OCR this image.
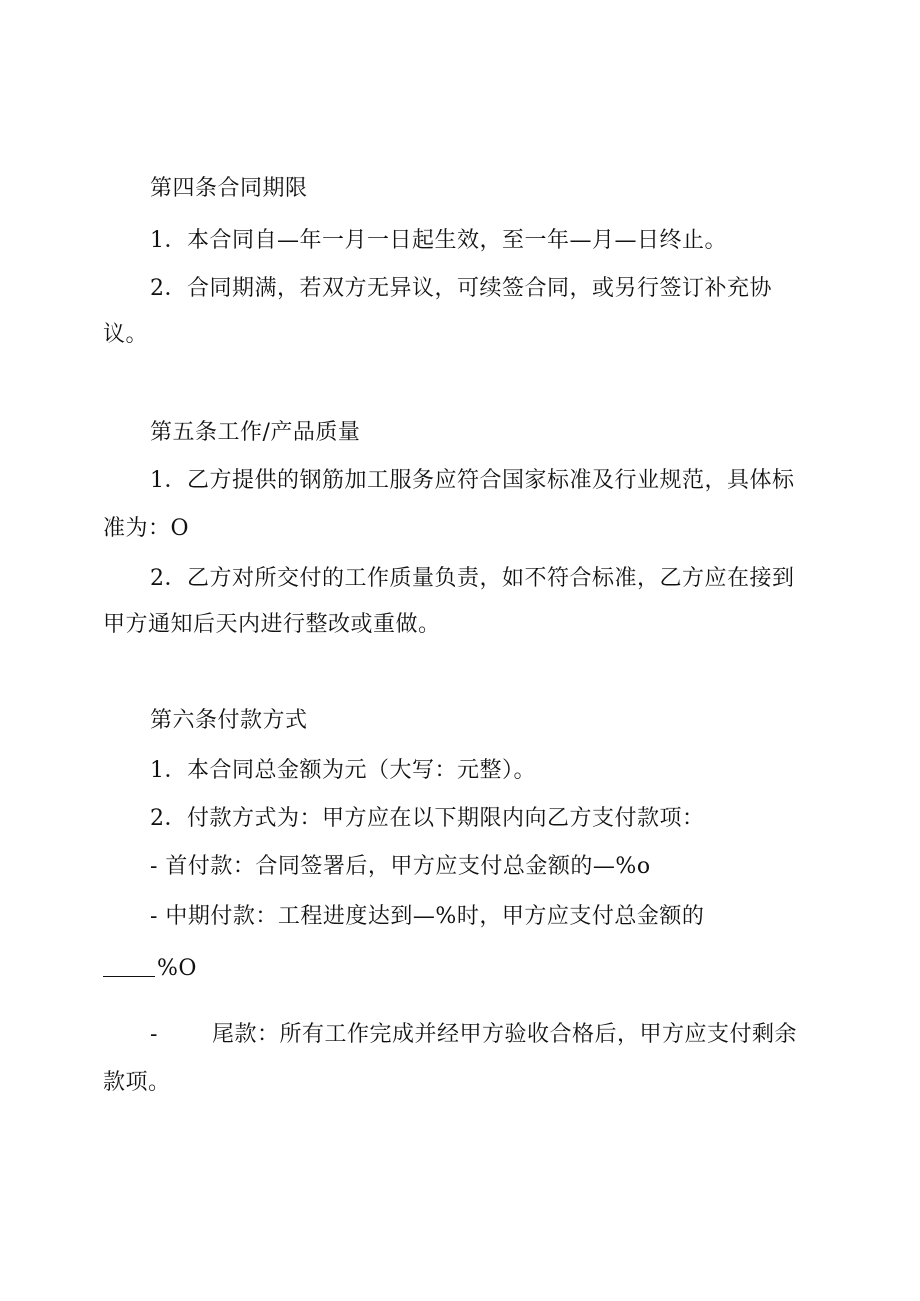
第四条合同期限
1．本合同自—年一月一日起生效，至一年—月—日终止。
2．合同期满，若双方无异议，可续签合同，或另行签订补充协
议。
第五条工作/产品质量
1．乙方提供的钢筋加工服务应符合国家标准及行业规范，具体标
准为：O
2．乙方对所交付的工作质量负责，如不符合标准，乙方应在接到
甲方通知后天内进行整改或重做。
第六条付款方式
1．本合同总金额为元（大写：元整）。
2．付款方式为：甲方应在以下期限内向乙方支付款项：
- 首付款：合同签署后，甲方应支付总金额的—%o
- 中期付款：工程进度达到—%时，甲方应支付总金额的
%O
- 尾款：所有工作完成并经甲方验收合格后，甲方应支付剩余
款项。
